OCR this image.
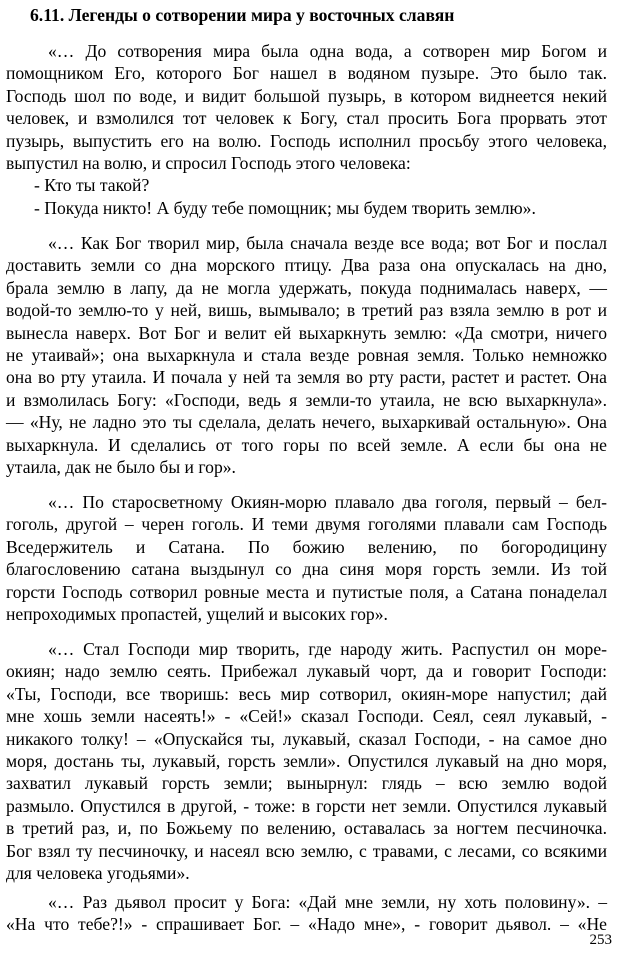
6.11. Легенды о сотворении мира у восточных славян
«… До сотворения мира была одна вода, а сотворен мир Богом и
помощником Его, которого Бог нашел в водяном пузыре. Это было так.
Господь шол по воде, и видит большой пузырь, в котором виднеется некий
человек, и взмолился тот человек к Богу, стал просить Бога прорвать этот
пузырь, выпустить его на волю. Господь исполнил просьбу этого человека,
выпустил на волю, и спросил Господь этого человека:
- Кто ты такой?
- Покуда никто! А буду тебе помощник; мы будем творить землю».
«… Как Бог творил мир, была сначала везде все вода; вот Бог и послал
доставить земли со дна морского птицу. Два раза она опускалась на дно,
брала землю в лапу, да не могла удержать, покуда поднималась наверх, —
водой-то землю-то у ней, вишь, вымывало; в третий раз взяла землю в рот и
вынесла наверх. Вот Бог и велит ей выхаркнуть землю: «Да смотри, ничего
не утаивай»; она выхаркнула и стала везде ровная земля. Только немножко
она во рту утаила. И почала у ней та земля во рту расти, растет и растет. Она
и взмолилась Богу: «Господи, ведь я земли-то утаила, не всю выхаркнула».
— «Ну, не ладно это ты сделала, делать нечего, выхаркивай остальную». Она
выхаркнула. И сделались от того горы по всей земле. А если бы она не
утаила, дак не было бы и гор».
«… По старосветному Окиян-морю плавало два гоголя, первый – бел-
гоголь, другой – черен гоголь. И теми двумя гоголями плавали сам Господь
Вседержитель и Сатана. По божию велению, по богородицину
благословению сатана выздынул со дна синя моря горсть земли. Из той
горсти Господь сотворил ровные места и путистые поля, а Сатана понаделал
непроходимых пропастей, ущелий и высоких гор».
«… Стал Господи мир творить, где народу жить. Распустил он море-
окиян; надо землю сеять. Прибежал лукавый чорт, да и говорит Господи:
«Ты, Господи, все творишь: весь мир сотворил, окиян-море напустил; дай
мне хошь земли насеять!» - «Сей!» сказал Господи. Сеял, сеял лукавый, -
никакого толку! – «Опускайся ты, лукавый, сказал Господи, - на самое дно
моря, достань ты, лукавый, горсть земли». Опустился лукавый на дно моря,
захватил лукавый горсть земли; вынырнул: глядь – всю землю водой
размыло. Опустился в другой, - тоже: в горсти нет земли. Опустился лукавый
в третий раз, и, по Божьему по велению, оставалась за ногтем песчиночка.
Бог взял ту песчиночку, и насеял всю землю, с травами, с лесами, со всякими
для человека угодьями».
«… Раз дьявол просит у Бога: «Дай мне земли, ну хоть половину». –
«На что тебе?!» - спрашивает Бог. – «Надо мне», - говорит дьявол. – «Не
253
